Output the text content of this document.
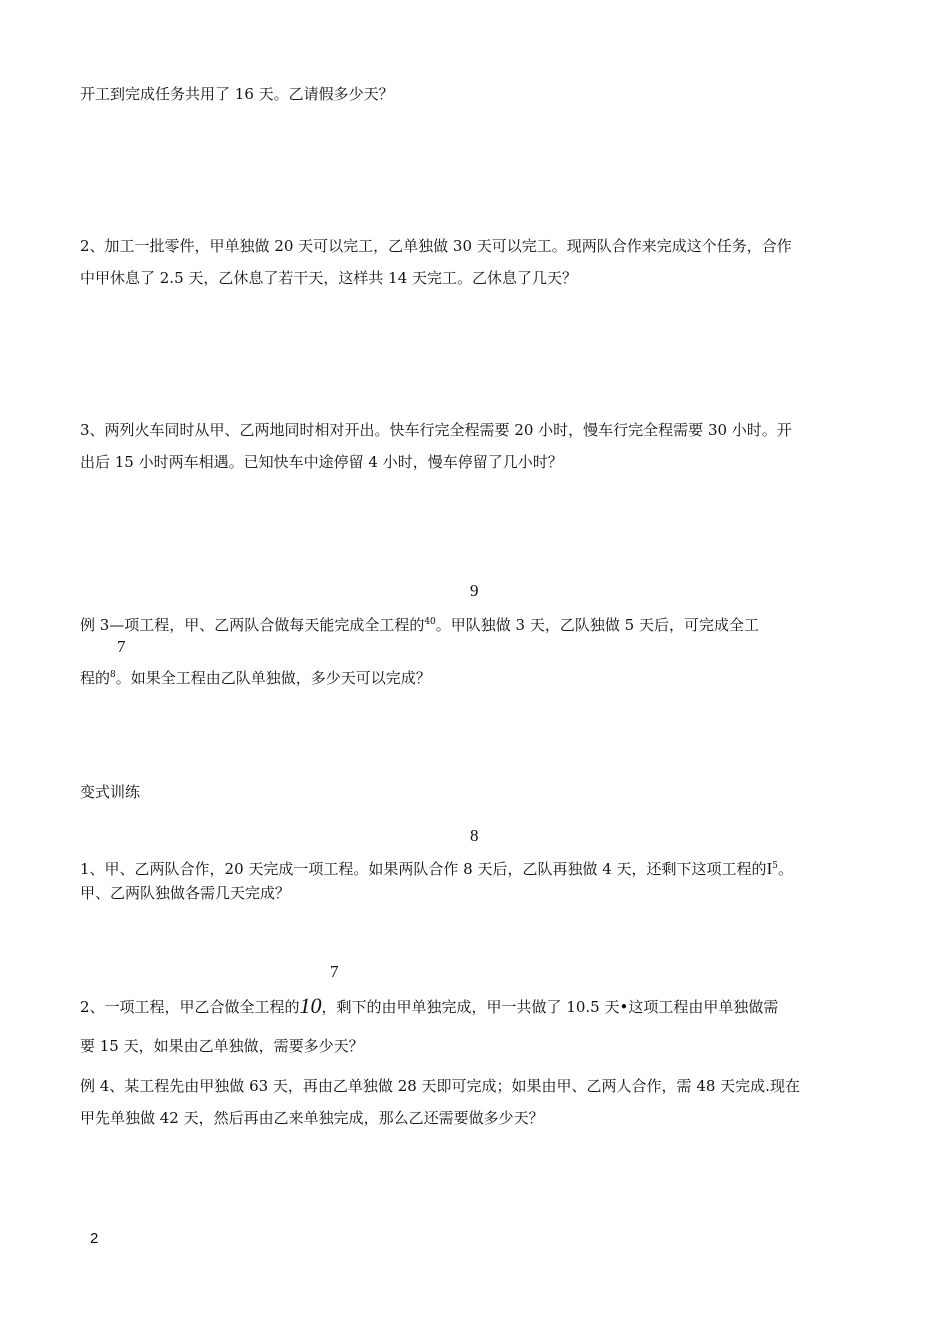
开工到完成任务共用了 16 天。乙请假多少天？
2、加工一批零件，甲单独做 20 天可以完工，乙单独做 30 天可以完工。现两队合作来完成这个任务，合作
中甲休息了 2.5 天，乙休息了若干天，这样共 14 天完工。乙休息了几天？
3、两列火车同时从甲、乙两地同时相对开出。快车行完全程需要 20 小时，慢车行完全程需要 30 小时。开
出后 15 小时两车相遇。已知快车中途停留 4 小时，慢车停留了几小时？
9
例 3—项工程，甲、乙两队合做每天能完成全工程的$^{40}$。甲队独做 3 天，乙队独做 5 天后，可完成全工
7
程的$^8$。如果全工程由乙队单独做，多少天可以完成？
变式训练
8
1、甲、乙两队合作，20 天完成一项工程。如果两队合作 8 天后，乙队再独做 4 天，还剩下这项工程的$I^5$。
甲、乙两队独做各需几天完成？
7
2、一项工程，甲乙合做全工程的10，剩下的由甲单独完成，甲一共做了 10.5 天•这项工程由甲单独做需
要 15 天，如果由乙单独做，需要多少天？
例 4、某工程先由甲独做 63 天，再由乙单独做 28 天即可完成；如果由甲、乙两人合作，需 48 天完成.现在
甲先单独做 42 天，然后再由乙来单独完成，那么乙还需要做多少天？
2
